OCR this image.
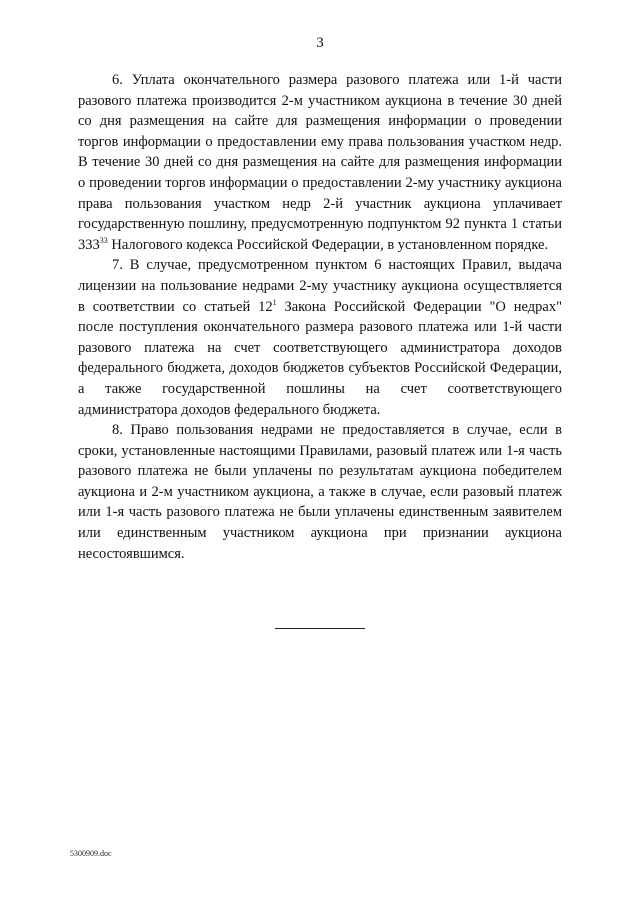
3

6. Уплата окончательного размера разового платежа или 1-й части разового платежа производится 2-м участником аукциона в течение 30 дней со дня размещения на сайте для размещения информации о проведении торгов информации о предоставлении ему права пользования участком недр. В течение 30 дней со дня размещения на сайте для размещения информации о проведении торгов информации о предоставлении 2-му участнику аукциона права пользования участком недр 2-й участник аукциона уплачивает государственную пошлину, предусмотренную подпунктом 92 пункта 1 статьи $333^{33}$ Налогового кодекса Российской Федерации, в установленном порядке.

7. В случае, предусмотренном пунктом 6 настоящих Правил, выдача лицензии на пользование недрами 2-му участнику аукциона осуществляется в соответствии со статьей $12^1$ Закона Российской Федерации "О недрах" после поступления окончательного размера разового платежа или 1-й части разового платежа на счет соответствующего администратора доходов федерального бюджета, доходов бюджетов субъектов Российской Федерации, а также государственной пошлины на счет соответствующего администратора доходов федерального бюджета.

8. Право пользования недрами не предоставляется в случае, если в сроки, установленные настоящими Правилами, разовый платеж или 1-я часть разового платежа не были уплачены по результатам аукциона победителем аукциона и 2-м участником аукциона, а также в случае, если разовый платеж или 1-я часть разового платежа не были уплачены единственным заявителем или единственным участником аукциона при признании аукциона несостоявшимся.

5300909.doc
